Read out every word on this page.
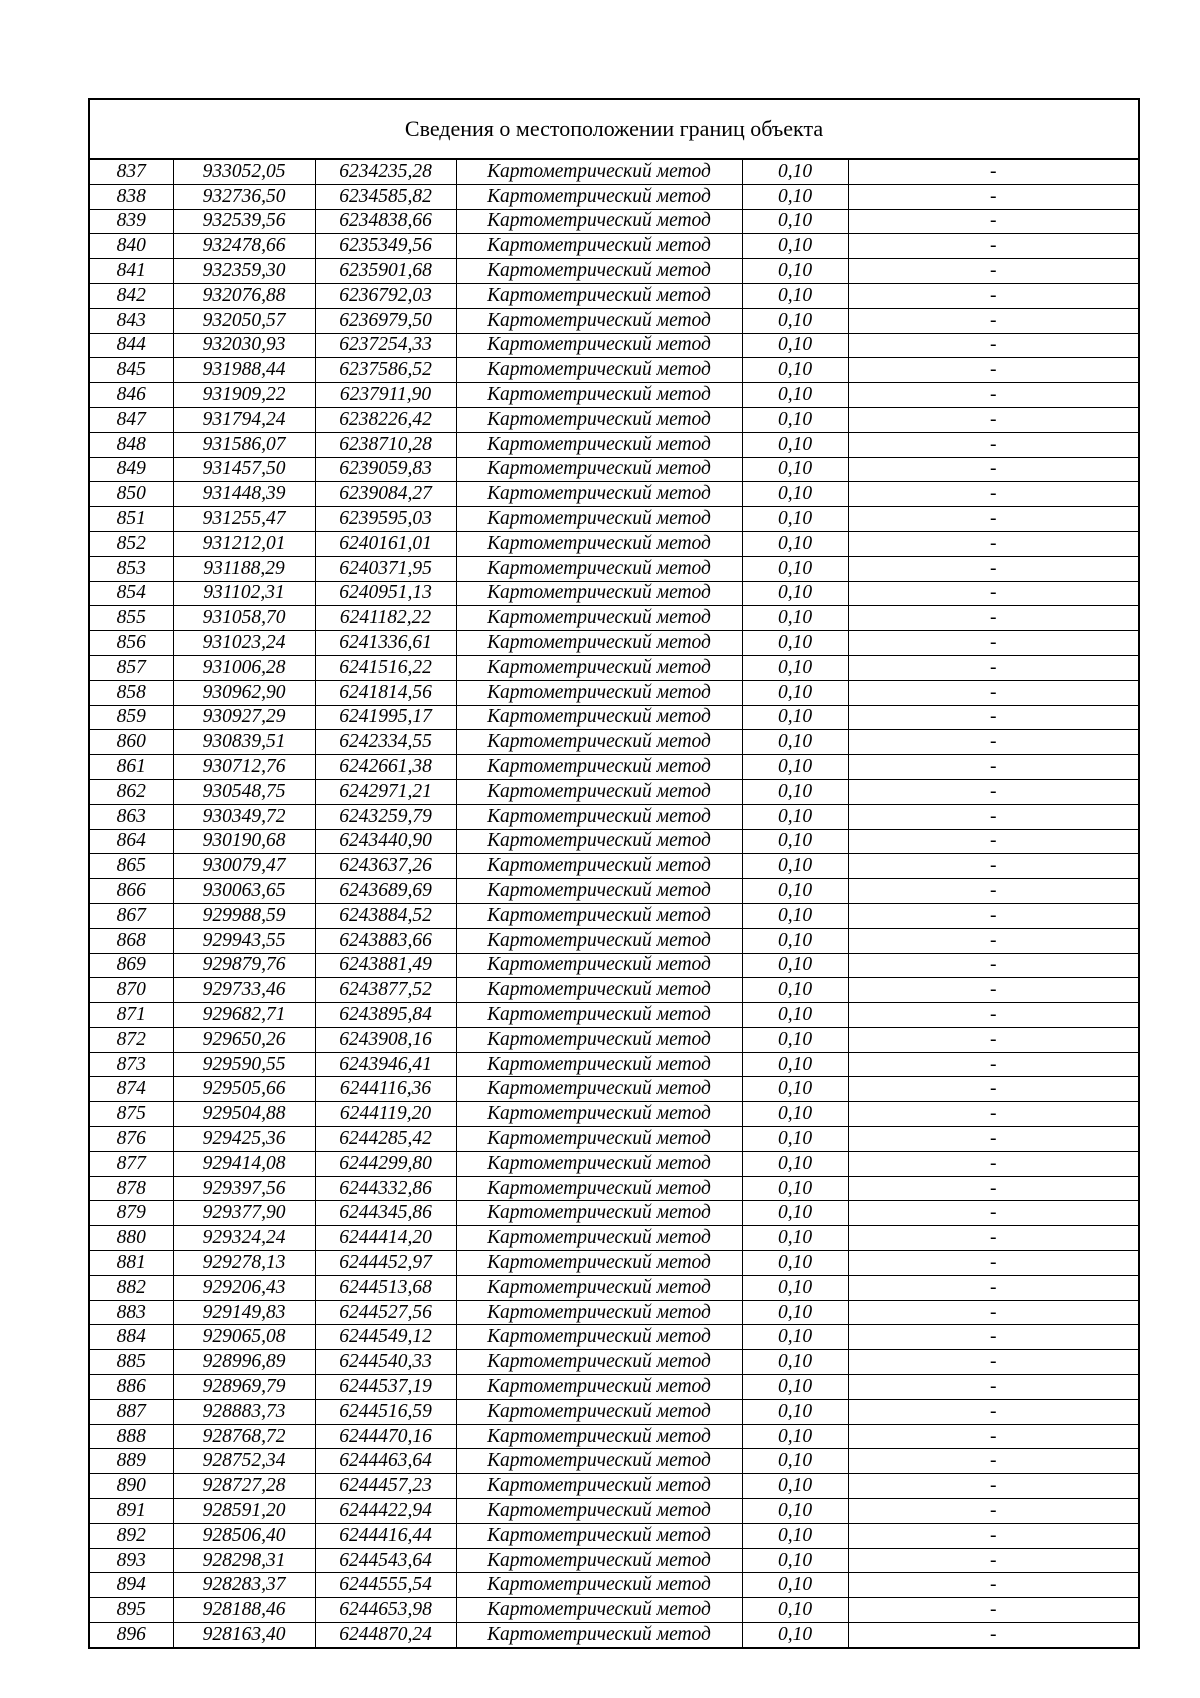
Сведения о местоположении границ объекта
837	933052,05	6234235,28	Картометрический метод	0,10	-
838	932736,50	6234585,82	Картометрический метод	0,10	-
839	932539,56	6234838,66	Картометрический метод	0,10	-
840	932478,66	6235349,56	Картометрический метод	0,10	-
841	932359,30	6235901,68	Картометрический метод	0,10	-
842	932076,88	6236792,03	Картометрический метод	0,10	-
843	932050,57	6236979,50	Картометрический метод	0,10	-
844	932030,93	6237254,33	Картометрический метод	0,10	-
845	931988,44	6237586,52	Картометрический метод	0,10	-
846	931909,22	6237911,90	Картометрический метод	0,10	-
847	931794,24	6238226,42	Картометрический метод	0,10	-
848	931586,07	6238710,28	Картометрический метод	0,10	-
849	931457,50	6239059,83	Картометрический метод	0,10	-
850	931448,39	6239084,27	Картометрический метод	0,10	-
851	931255,47	6239595,03	Картометрический метод	0,10	-
852	931212,01	6240161,01	Картометрический метод	0,10	-
853	931188,29	6240371,95	Картометрический метод	0,10	-
854	931102,31	6240951,13	Картометрический метод	0,10	-
855	931058,70	6241182,22	Картометрический метод	0,10	-
856	931023,24	6241336,61	Картометрический метод	0,10	-
857	931006,28	6241516,22	Картометрический метод	0,10	-
858	930962,90	6241814,56	Картометрический метод	0,10	-
859	930927,29	6241995,17	Картометрический метод	0,10	-
860	930839,51	6242334,55	Картометрический метод	0,10	-
861	930712,76	6242661,38	Картометрический метод	0,10	-
862	930548,75	6242971,21	Картометрический метод	0,10	-
863	930349,72	6243259,79	Картометрический метод	0,10	-
864	930190,68	6243440,90	Картометрический метод	0,10	-
865	930079,47	6243637,26	Картометрический метод	0,10	-
866	930063,65	6243689,69	Картометрический метод	0,10	-
867	929988,59	6243884,52	Картометрический метод	0,10	-
868	929943,55	6243883,66	Картометрический метод	0,10	-
869	929879,76	6243881,49	Картометрический метод	0,10	-
870	929733,46	6243877,52	Картометрический метод	0,10	-
871	929682,71	6243895,84	Картометрический метод	0,10	-
872	929650,26	6243908,16	Картометрический метод	0,10	-
873	929590,55	6243946,41	Картометрический метод	0,10	-
874	929505,66	6244116,36	Картометрический метод	0,10	-
875	929504,88	6244119,20	Картометрический метод	0,10	-
876	929425,36	6244285,42	Картометрический метод	0,10	-
877	929414,08	6244299,80	Картометрический метод	0,10	-
878	929397,56	6244332,86	Картометрический метод	0,10	-
879	929377,90	6244345,86	Картометрический метод	0,10	-
880	929324,24	6244414,20	Картометрический метод	0,10	-
881	929278,13	6244452,97	Картометрический метод	0,10	-
882	929206,43	6244513,68	Картометрический метод	0,10	-
883	929149,83	6244527,56	Картометрический метод	0,10	-
884	929065,08	6244549,12	Картометрический метод	0,10	-
885	928996,89	6244540,33	Картометрический метод	0,10	-
886	928969,79	6244537,19	Картометрический метод	0,10	-
887	928883,73	6244516,59	Картометрический метод	0,10	-
888	928768,72	6244470,16	Картометрический метод	0,10	-
889	928752,34	6244463,64	Картометрический метод	0,10	-
890	928727,28	6244457,23	Картометрический метод	0,10	-
891	928591,20	6244422,94	Картометрический метод	0,10	-
892	928506,40	6244416,44	Картометрический метод	0,10	-
893	928298,31	6244543,64	Картометрический метод	0,10	-
894	928283,37	6244555,54	Картометрический метод	0,10	-
895	928188,46	6244653,98	Картометрический метод	0,10	-
896	928163,40	6244870,24	Картометрический метод	0,10	-
